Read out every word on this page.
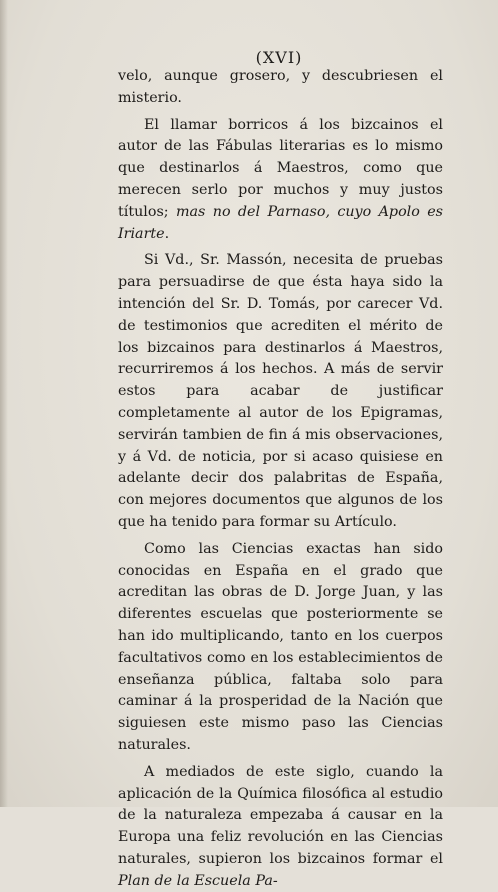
(XVI)

velo, aunque grosero, y descubriesen el misterio.

El llamar borricos á los bizcainos el autor de las Fábulas literarias es lo mismo que destinarlos á Maestros, como que merecen serlo por muchos y muy justos títulos; mas no del Parnaso, cuyo Apolo es Iriarte.

Si Vd., Sr. Massón, necesita de pruebas para persuadirse de que ésta haya sido la intención del Sr. D. Tomás, por carecer Vd. de testimonios que acrediten el mérito de los bizcainos para destinarlos á Maestros, recurriremos á los hechos. A más de servir estos para acabar de justificar completamente al autor de los Epigramas, servirán tambien de fin á mis observaciones, y á Vd. de noticia, por si acaso quisiese en adelante decir dos palabritas de España, con mejores documentos que algunos de los que ha tenido para formar su Artículo.

Como las Ciencias exactas han sido conocidas en España en el grado que acreditan las obras de D. Jorge Juan, y las diferentes escuelas que posteriormente se han ido multiplicando, tanto en los cuerpos facultativos como en los establecimientos de enseñanza pública, faltaba solo para caminar á la prosperidad de la Nación que siguiesen este mismo paso las Ciencias naturales.

A mediados de este siglo, cuando la aplicación de la Química filosófica al estudio de la naturaleza empezaba á causar en la Europa una feliz revolución en las Ciencias naturales, supieron los bizcainos formar el Plan de la Escuela Pa-
